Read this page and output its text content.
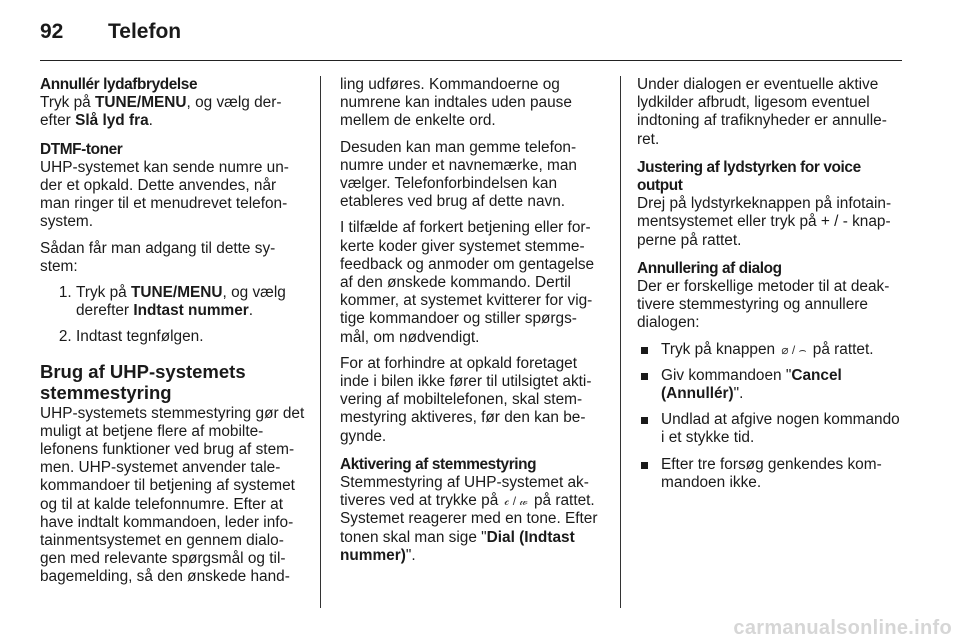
92 Telefon

Annullér lydafbrydelse

Tryk på TUNE/MENU, og vælg der-efter Slå lyd fra.

DTMF-toner

UHP-systemet kan sende numre un-der et opkald. Dette anvendes, når man ringer til et menudrevet telefon-system.

Sådan får man adgang til dette sy-stem:

1. Tryk på TUNE/MENU, og vælg derefter Indtast nummer.
2. Indtast tegnfølgen.
Brug af UHP-systemets stemmestyring

UHP-systemets stemmestyring gør det muligt at betjene flere af mobilte-lefonens funktioner ved brug af stem-men. UHP-systemet anvender tale-kommandoer til betjening af systemet og til at kalde telefonnumre. Efter at have indtalt kommandoen, leder info-tainmentsystemet en gennem dialo-gen med relevante spørgsmål og til-bagemelding, så den ønskede hand-

ling udføres. Kommandoerne og numrene kan indtales uden pause mellem de enkelte ord.

Desuden kan man gemme telefon-numre under et navnemærke, man vælger. Telefonforbindelsen kan etableres ved brug af dette navn.

I tilfælde af forkert betjening eller for-kerte koder giver systemet stemme-feedback og anmoder om gentagelse af den ønskede kommando. Dertil kommer, at systemet kvitterer for vig-tige kommandoer og stiller spørgs-mål, om nødvendigt.

For at forhindre at opkald foretaget inde i bilen ikke fører til utilsigtet akti-vering af mobiltelefonen, skal stem-mestyring aktiveres, før den kan be-gynde.

Aktivering af stemmestyring

Stemmestyring af UHP-systemet ak-tiveres ved at trykke på 𝒸 / 𝓌 på rattet. Systemet reagerer med en tone. Efter tonen skal man sige "Dial (Indtast nummer)".

Under dialogen er eventuelle aktive lydkilder afbrudt, ligesom eventuel indtoning af trafiknyheder er annulle-ret.

Justering af lydstyrken for voice output

Drej på lydstyrkeknappen på infotain-mentsystemet eller tryk på + / - knap-perne på rattet.

Annullering af dialog

Der er forskellige metoder til at deak-tivere stemmestyring og annullere dialogen:

Tryk på knappen ⌀ / ⌢ på rattet.
Giv kommandoen "Cancel (Annullér)".
Undlad at afgive nogen kommando i et stykke tid.
Efter tre forsøg genkendes kom-mandoen ikke.
carmanualsonline.info
